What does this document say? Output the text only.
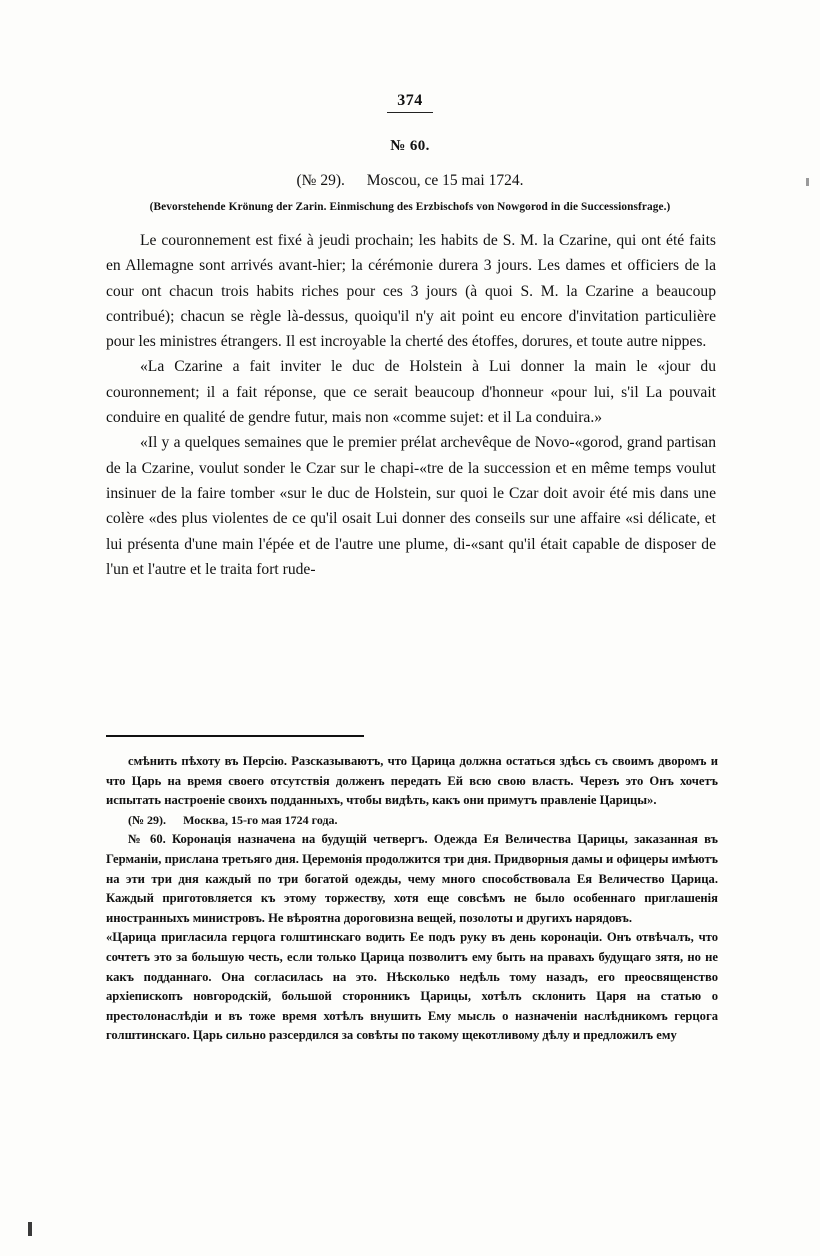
374
№ 60.
(№ 29). Moscou, ce 15 mai 1724.
(Bevorstehende Krönung der Zarin. Einmischung des Erzbischofs von Nowgorod in die Successionsfrage.)

Le couronnement est fixé à jeudi prochain; les habits de S. M. la Czarine, qui ont été faits en Allemagne sont arrivés avant-hier; la cérémonie durera 3 jours. Les dames et officiers de la cour ont chacun trois habits riches pour ces 3 jours (à quoi S. M. la Czarine a beaucoup contribué); chacun se règle là-dessus, quoiqu'il n'y ait point eu encore d'invitation particulière pour les ministres étrangers. Il est incroyable la cherté des étoffes, dorures, et toute autre nippes.

«La Czarine a fait inviter le duc de Holstein à Lui donner la main le «jour du couronnement; il a fait réponse, que ce serait beaucoup d'honneur «pour lui, s'il La pouvait conduire en qualité de gendre futur, mais non «comme sujet: et il La conduira.»

«Il y a quelques semaines que le premier prélat archevêque de Novo-«gorod, grand partisan de la Czarine, voulut sonder le Czar sur le chapi-«tre de la succession et en même temps voulut insinuer de la faire tomber «sur le duc de Holstein, sur quoi le Czar doit avoir été mis dans une colère «des plus violentes de ce qu'il osait Lui donner des conseils sur une affaire «si délicate, et lui présenta d'une main l'épée et de l'autre une plume, di-«sant qu'il était capable de disposer de l'un et l'autre et le traita fort rude-

смѣнить пѣхоту въ Персію. Разсказываютъ, что Царица должна остаться здѣсь съ своимъ дворомъ и что Царь на время своего отсутствія долженъ передать Ей всю свою власть. Черезъ это Онъ хочетъ испытать настроеніе своихъ подданныхъ, чтобы видѣть, какъ они примутъ правленіе Царицы».

(№ 29). Москва, 15-го мая 1724 года.

№ 60. Коронація назначена на будущій четвергъ. Одежда Ея Величества Царицы, заказанная въ Германіи, прислана третьяго дня. Церемонія продолжится три дня. Придворныя дамы и офицеры имѣютъ на эти три дня каждый по три богатой одежды, чему много способствовала Ея Величество Царица. Каждый приготовляется къ этому торжеству, хотя еще совсѣмъ не было особеннаго приглашенія иностранныхъ министровъ. Не вѣроятна дороговизна вещей, позолоты и другихъ нарядовъ.

«Царица пригласила герцога голштинскаго водить Ее подъ руку въ день коронаціи. Онъ отвѣчалъ, что сочтетъ это за большую честь, если только Царица позволитъ ему быть на правахъ будущаго зятя, но не какъ подданнаго. Она согласилась на это. Нѣсколько недѣль тому назадъ, его преосвященство архіепископъ новгородскій, большой сторонникъ Царицы, хотѣлъ склонить Царя на статью о престолонаслѣдіи и въ тоже время хотѣлъ внушить Ему мысль о назначеніи наслѣдникомъ герцога голштинскаго. Царь сильно разсердился за совѣты по такому щекотливому дѣлу и предложилъ ему
